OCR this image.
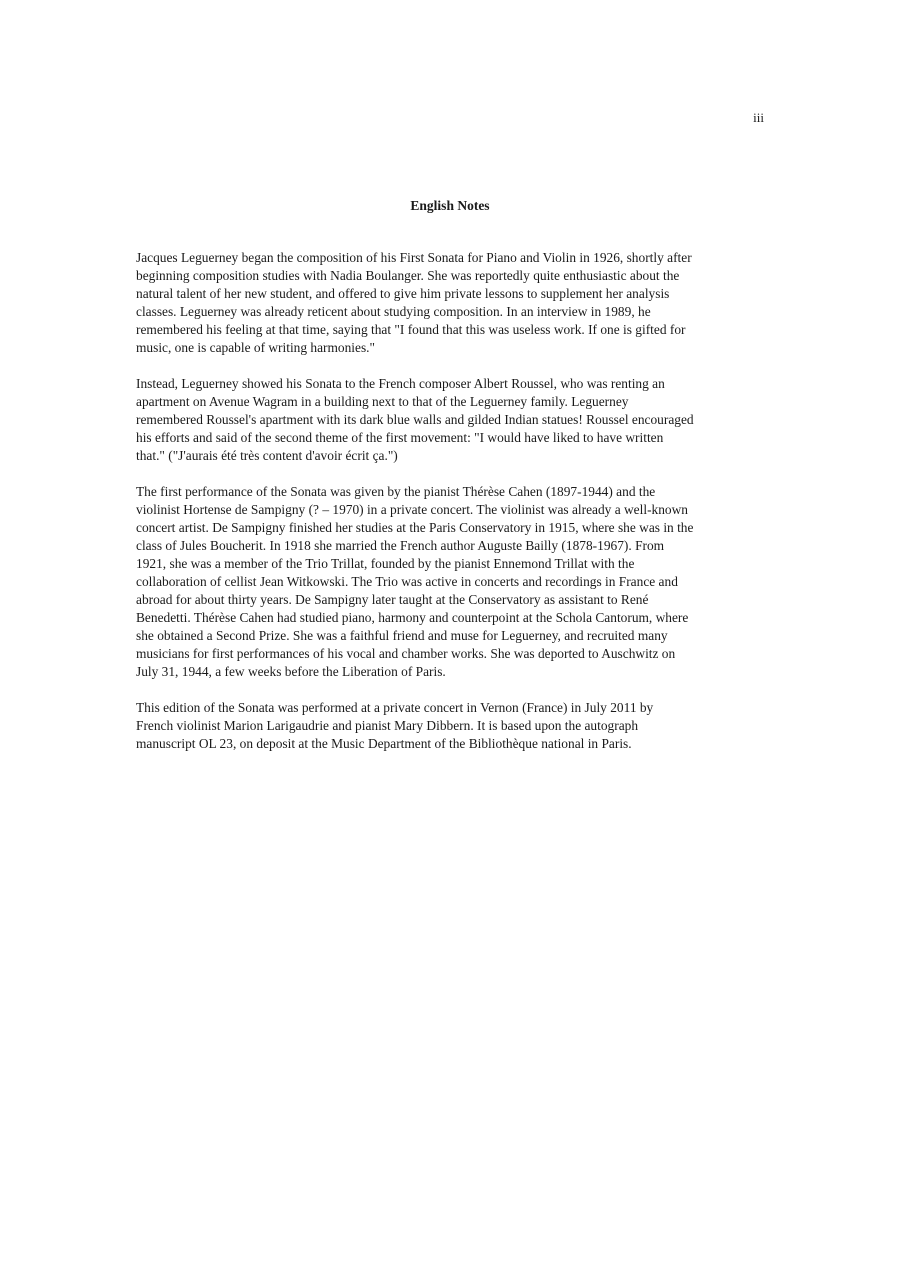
iii
English Notes

Jacques Leguerney began the composition of his First Sonata for Piano and Violin in 1926, shortly after
beginning composition studies with Nadia Boulanger. She was reportedly quite enthusiastic about the
natural talent of her new student, and offered to give him private lessons to supplement her analysis
classes. Leguerney was already reticent about studying composition. In an interview in 1989, he
remembered his feeling at that time, saying that "I found that this was useless work. If one is gifted for
music, one is capable of writing harmonies."

Instead, Leguerney showed his Sonata to the French composer Albert Roussel, who was renting an
apartment on Avenue Wagram in a building next to that of the Leguerney family. Leguerney
remembered Roussel's apartment with its dark blue walls and gilded Indian statues! Roussel encouraged
his efforts and said of the second theme of the first movement: "I would have liked to have written
that." ("J'aurais été très content d'avoir écrit ça.")

The first performance of the Sonata was given by the pianist Thérèse Cahen (1897-1944) and the
violinist Hortense de Sampigny (? – 1970) in a private concert. The violinist was already a well-known
concert artist. De Sampigny finished her studies at the Paris Conservatory in 1915, where she was in the
class of Jules Boucherit. In 1918 she married the French author Auguste Bailly (1878-1967). From
1921, she was a member of the Trio Trillat, founded by the pianist Ennemond Trillat with the
collaboration of cellist Jean Witkowski. The Trio was active in concerts and recordings in France and
abroad for about thirty years. De Sampigny later taught at the Conservatory as assistant to René
Benedetti. Thérèse Cahen had studied piano, harmony and counterpoint at the Schola Cantorum, where
she obtained a Second Prize. She was a faithful friend and muse for Leguerney, and recruited many
musicians for first performances of his vocal and chamber works. She was deported to Auschwitz on
July 31, 1944, a few weeks before the Liberation of Paris.

This edition of the Sonata was performed at a private concert in Vernon (France) in July 2011 by
French violinist Marion Larigaudrie and pianist Mary Dibbern. It is based upon the autograph
manuscript OL 23, on deposit at the Music Department of the Bibliothèque national in Paris.
